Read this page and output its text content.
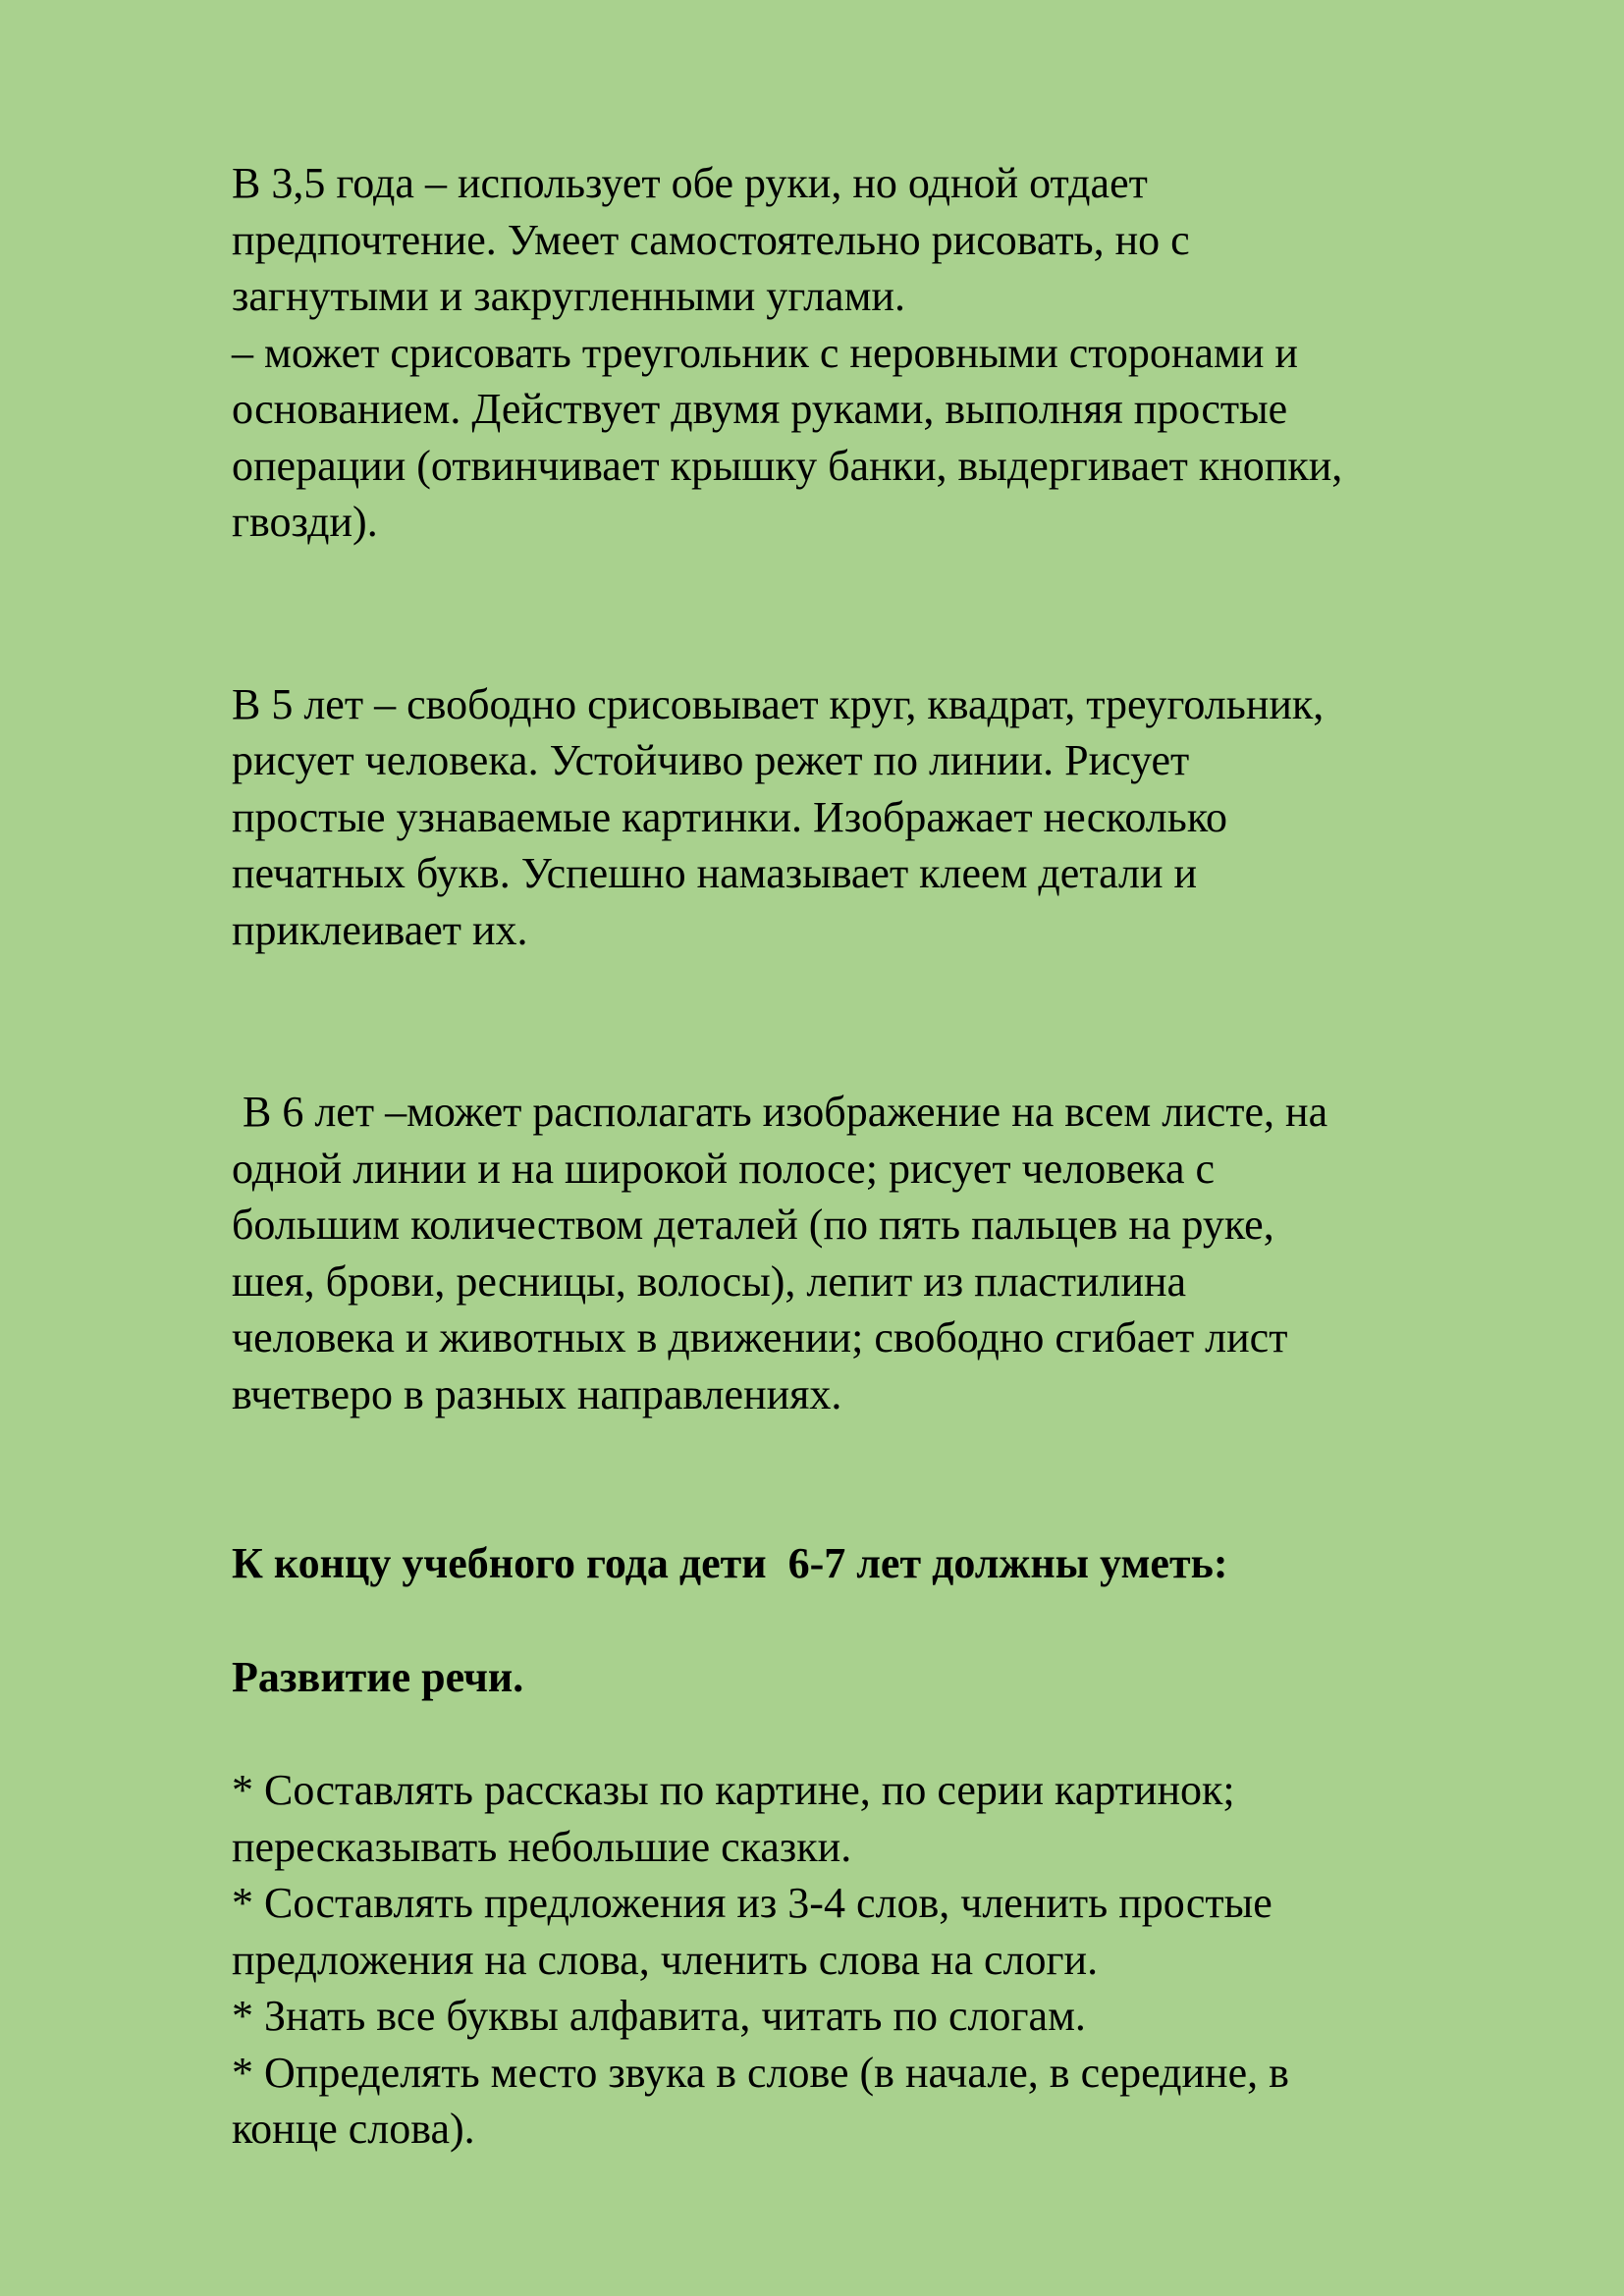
В 3,5 года – использует обе руки, но одной отдает
предпочтение. Умеет самостоятельно рисовать, но с
загнутыми и закругленными углами.
– может срисовать треугольник с неровными сторонами и
основанием. Действует двумя руками, выполняя простые
операции (отвинчивает крышку банки, выдергивает кнопки,
гвозди).
В 5 лет – свободно срисовывает круг, квадрат, треугольник,
рисует человека. Устойчиво режет по линии. Рисует
простые узнаваемые картинки. Изображает несколько
печатных букв. Успешно намазывает клеем детали и
приклеивает их.
В 6 лет –может располагать изображение на всем листе, на
одной линии и на широкой полосе; рисует человека с
большим количеством деталей (по пять пальцев на руке,
шея, брови, ресницы, волосы), лепит из пластилина
человека и животных в движении; свободно сгибает лист
вчетверо в разных направлениях.
К концу учебного года дети  6-7 лет должны уметь:
Развитие речи.
* Составлять рассказы по картине, по серии картинок;
пересказывать небольшие сказки.
* Составлять предложения из 3-4 слов, членить простые
предложения на слова, членить слова на слоги.
* Знать все буквы алфавита, читать по слогам.
* Определять место звука в слове (в начале, в середине, в
конце слова).
